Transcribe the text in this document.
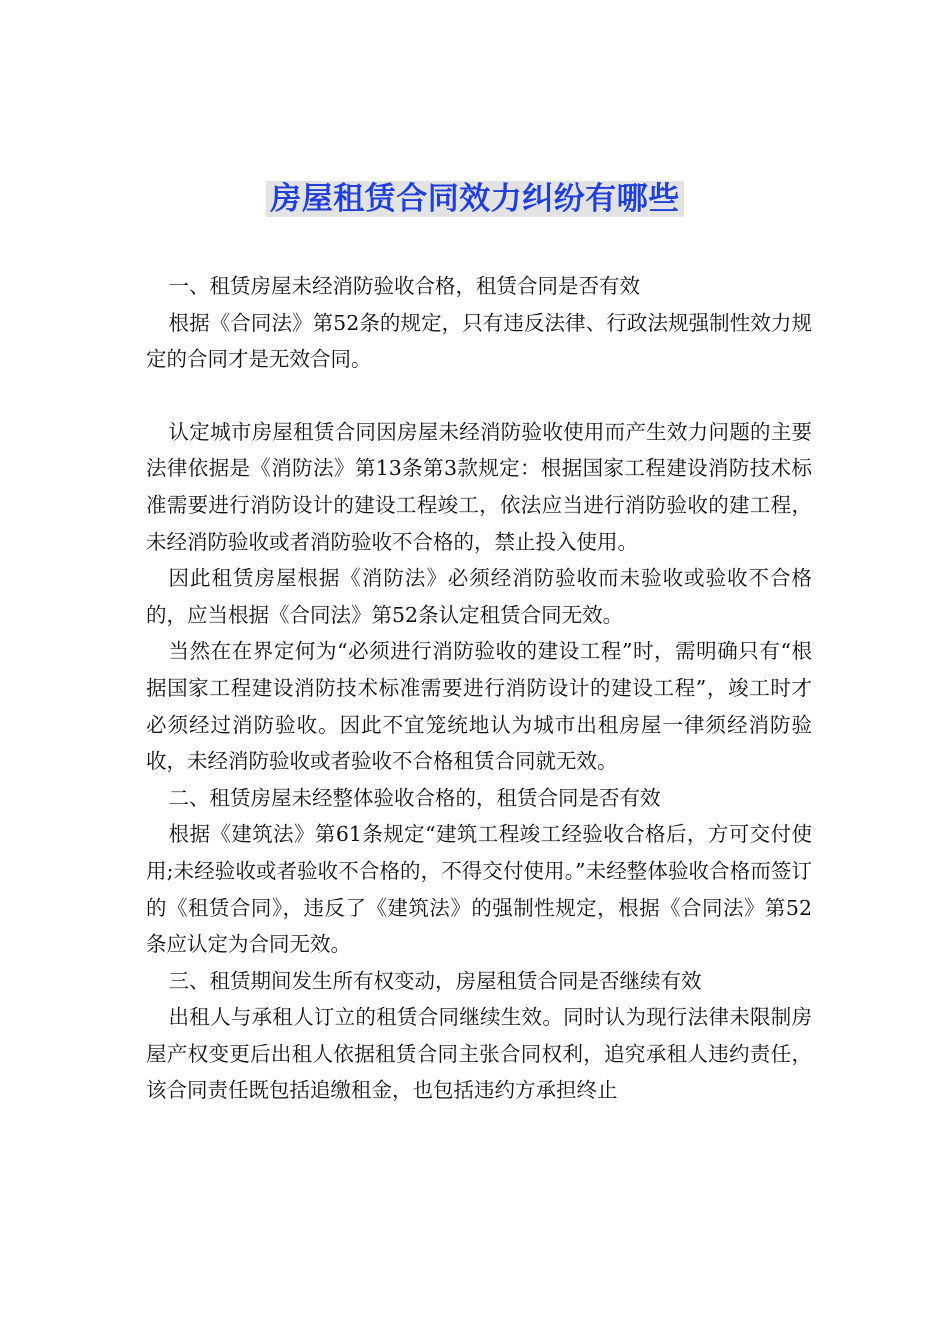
房屋租赁合同效力纠纷有哪些

一、租赁房屋未经消防验收合格，租赁合同是否有效

根据《合同法》第52条的规定，只有违反法律、行政法规强制性效力规定的合同才是无效合同。

认定城市房屋租赁合同因房屋未经消防验收使用而产生效力问题的主要法律依据是《消防法》第13条第3款规定：根据国家工程建设消防技术标准需要进行消防设计的建设工程竣工，依法应当进行消防验收的建工程，未经消防验收或者消防验收不合格的，禁止投入使用。

因此租赁房屋根据《消防法》必须经消防验收而未验收或验收不合格的，应当根据《合同法》第52条认定租赁合同无效。

当然在在界定何为“必须进行消防验收的建设工程”时，需明确只有“根据国家工程建设消防技术标准需要进行消防设计的建设工程”，竣工时才必须经过消防验收。因此不宜笼统地认为城市出租房屋一律须经消防验收，未经消防验收或者验收不合格租赁合同就无效。

二、租赁房屋未经整体验收合格的，租赁合同是否有效

根据《建筑法》第61条规定“建筑工程竣工经验收合格后，方可交付使用;未经验收或者验收不合格的，不得交付使用。”未经整体验收合格而签订的《租赁合同》，违反了《建筑法》的强制性规定，根据《合同法》第52条应认定为合同无效。

三、租赁期间发生所有权变动，房屋租赁合同是否继续有效

出租人与承租人订立的租赁合同继续生效。同时认为现行法律未限制房屋产权变更后出租人依据租赁合同主张合同权利，追究承租人违约责任，该合同责任既包括追缴租金，也包括违约方承担终止
